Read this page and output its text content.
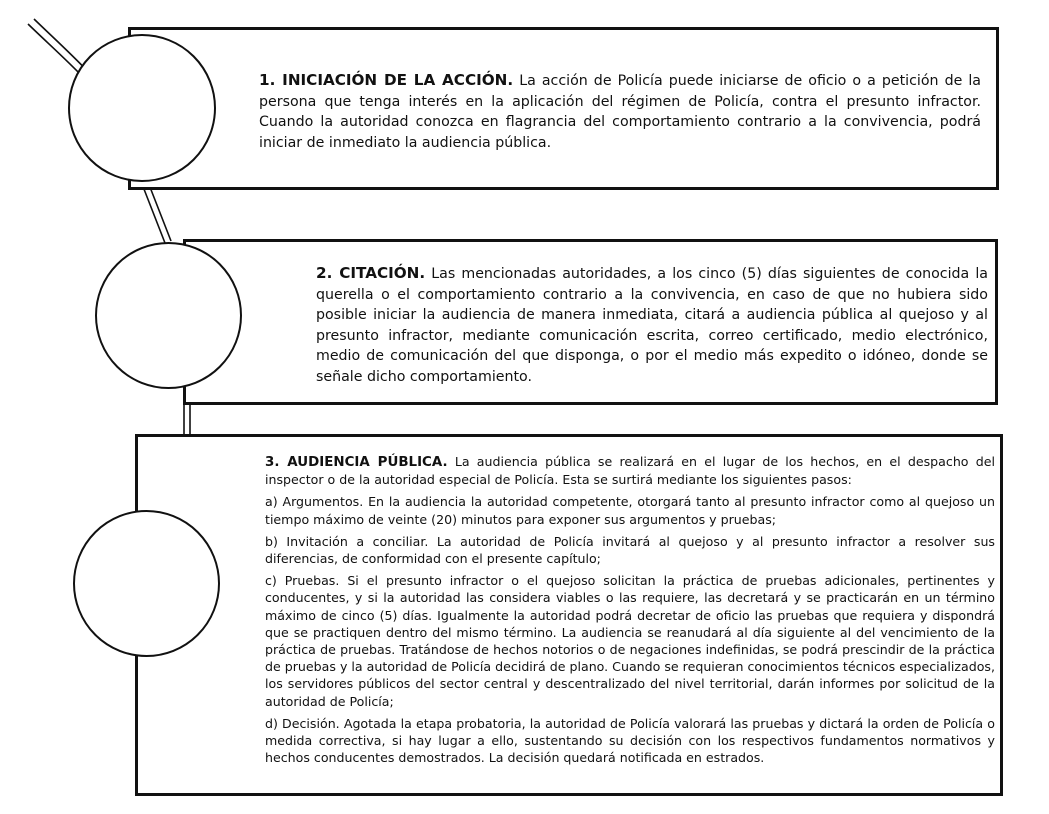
1. INICIACIÓN DE LA ACCIÓN. La acción de Policía puede iniciarse de oficio o a petición de la persona que tenga interés en la aplicación del régimen de Policía, contra el presunto infractor. Cuando la autoridad conozca en flagrancia del comportamiento contrario a la convivencia, podrá iniciar de inmediato la audiencia pública.
2. CITACIÓN. Las mencionadas autoridades, a los cinco (5) días siguientes de conocida la querella o el comportamiento contrario a la convivencia, en caso de que no hubiera sido posible iniciar la audiencia de manera inmediata, citará a audiencia pública al quejoso y al presunto infractor, mediante comunicación escrita, correo certificado, medio electrónico, medio de comunicación del que disponga, o por el medio más expedito o idóneo, donde se señale dicho comportamiento.

3. AUDIENCIA PÚBLICA. La audiencia pública se realizará en el lugar de los hechos, en el despacho del inspector o de la autoridad especial de Policía. Esta se surtirá mediante los siguientes pasos:

a) Argumentos. En la audiencia la autoridad competente, otorgará tanto al presunto infractor como al quejoso un tiempo máximo de veinte (20) minutos para exponer sus argumentos y pruebas;

b) Invitación a conciliar. La autoridad de Policía invitará al quejoso y al presunto infractor a resolver sus diferencias, de conformidad con el presente capítulo;

c) Pruebas. Si el presunto infractor o el quejoso solicitan la práctica de pruebas adicionales, pertinentes y conducentes, y si la autoridad las considera viables o las requiere, las decretará y se practicarán en un término máximo de cinco (5) días. Igualmente la autoridad podrá decretar de oficio las pruebas que requiera y dispondrá que se practiquen dentro del mismo término. La audiencia se reanudará al día siguiente al del vencimiento de la práctica de pruebas. Tratándose de hechos notorios o de negaciones indefinidas, se podrá prescindir de la práctica de pruebas y la autoridad de Policía decidirá de plano. Cuando se requieran conocimientos técnicos especializados, los servidores públicos del sector central y descentralizado del nivel territorial, darán informes por solicitud de la autoridad de Policía;

d) Decisión. Agotada la etapa probatoria, la autoridad de Policía valorará las pruebas y dictará la orden de Policía o medida correctiva, si hay lugar a ello, sustentando su decisión con los respectivos fundamentos normativos y hechos conducentes demostrados. La decisión quedará notificada en estrados.
